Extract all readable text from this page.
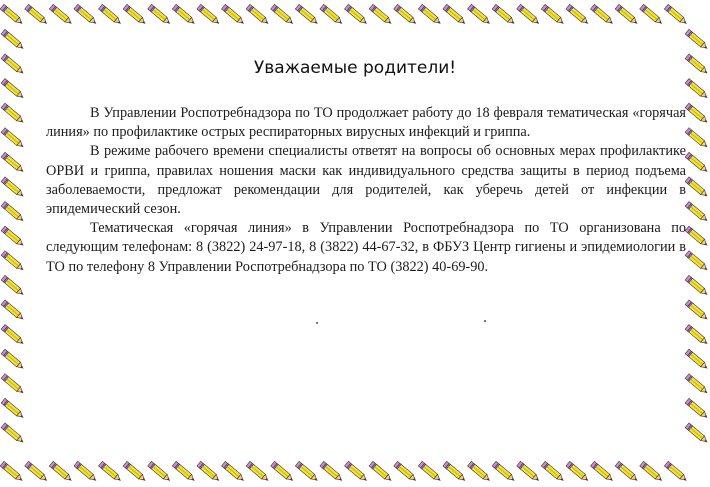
Уважаемые родители!

В Управлении Роспотребнадзора по ТО продолжает работу до 18 февраля тематическая «горячая линия» по профилактике острых респираторных вирусных инфекций и гриппа.

В режиме рабочего времени специалисты ответят на вопросы об основных мерах профилактике ОРВИ и гриппа, правилах ношения маски как индивидуального средства защиты в период подъема заболеваемости, предложат рекомендации для родителей, как уберечь детей от инфекции в эпидемический сезон.

Тематическая «горячая линия» в Управлении Роспотребнадзора по ТО организована по следующим телефонам: 8 (3822) 24-97-18, 8 (3822) 44-67-32, в ФБУЗ Центр гигиены и эпидемиологии в ТО по телефону 8 Управлении Роспотребнадзора по ТО (3822) 40-69-90.
